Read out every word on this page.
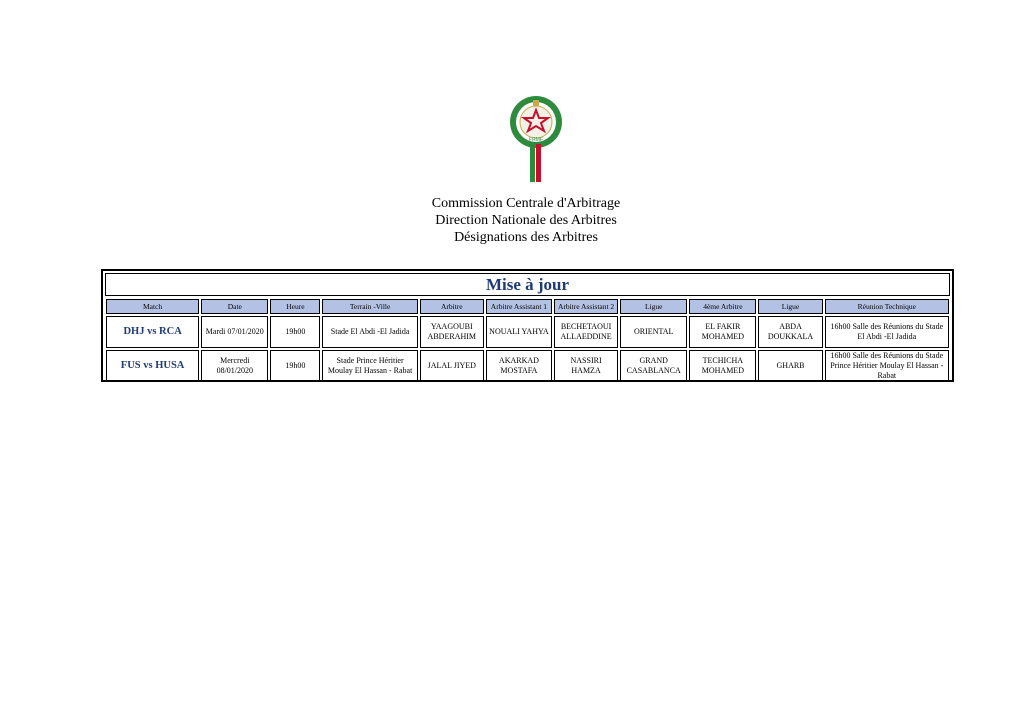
FRMF
Commission Centrale d'Arbitrage
Direction Nationale des Arbitres
Désignations des Arbitres
Mise à jour
Match	Date	Heure	Terrain -Ville	Arbitre	Arbitre Assistant 1	Arbitre Assistant 2	Ligue	4ème Arbitre	Ligue	Réunion Technique
DHJ vs RCA	Mardi 07/01/2020	19h00	Stade El Abdi -El Jadida	YAAGOUBI ABDERAHIM	NOUALI YAHYA	BECHETAOUI ALLAEDDINE	ORIENTAL	EL FAKIR MOHAMED	ABDA DOUKKALA	16h00 Salle des Réunions du Stade El Abdi -El Jadida
FUS vs HUSA	Mercredi 08/01/2020	19h00	Stade Prince Héritier Moulay El Hassan - Rabat	JALAL JIYED	AKARKAD MOSTAFA	NASSIRI HAMZA	GRAND CASABLANCA	TECHICHA MOHAMED	GHARB	16h00 Salle des Réunions du Stade Prince Héritier Moulay El Hassan - Rabat
